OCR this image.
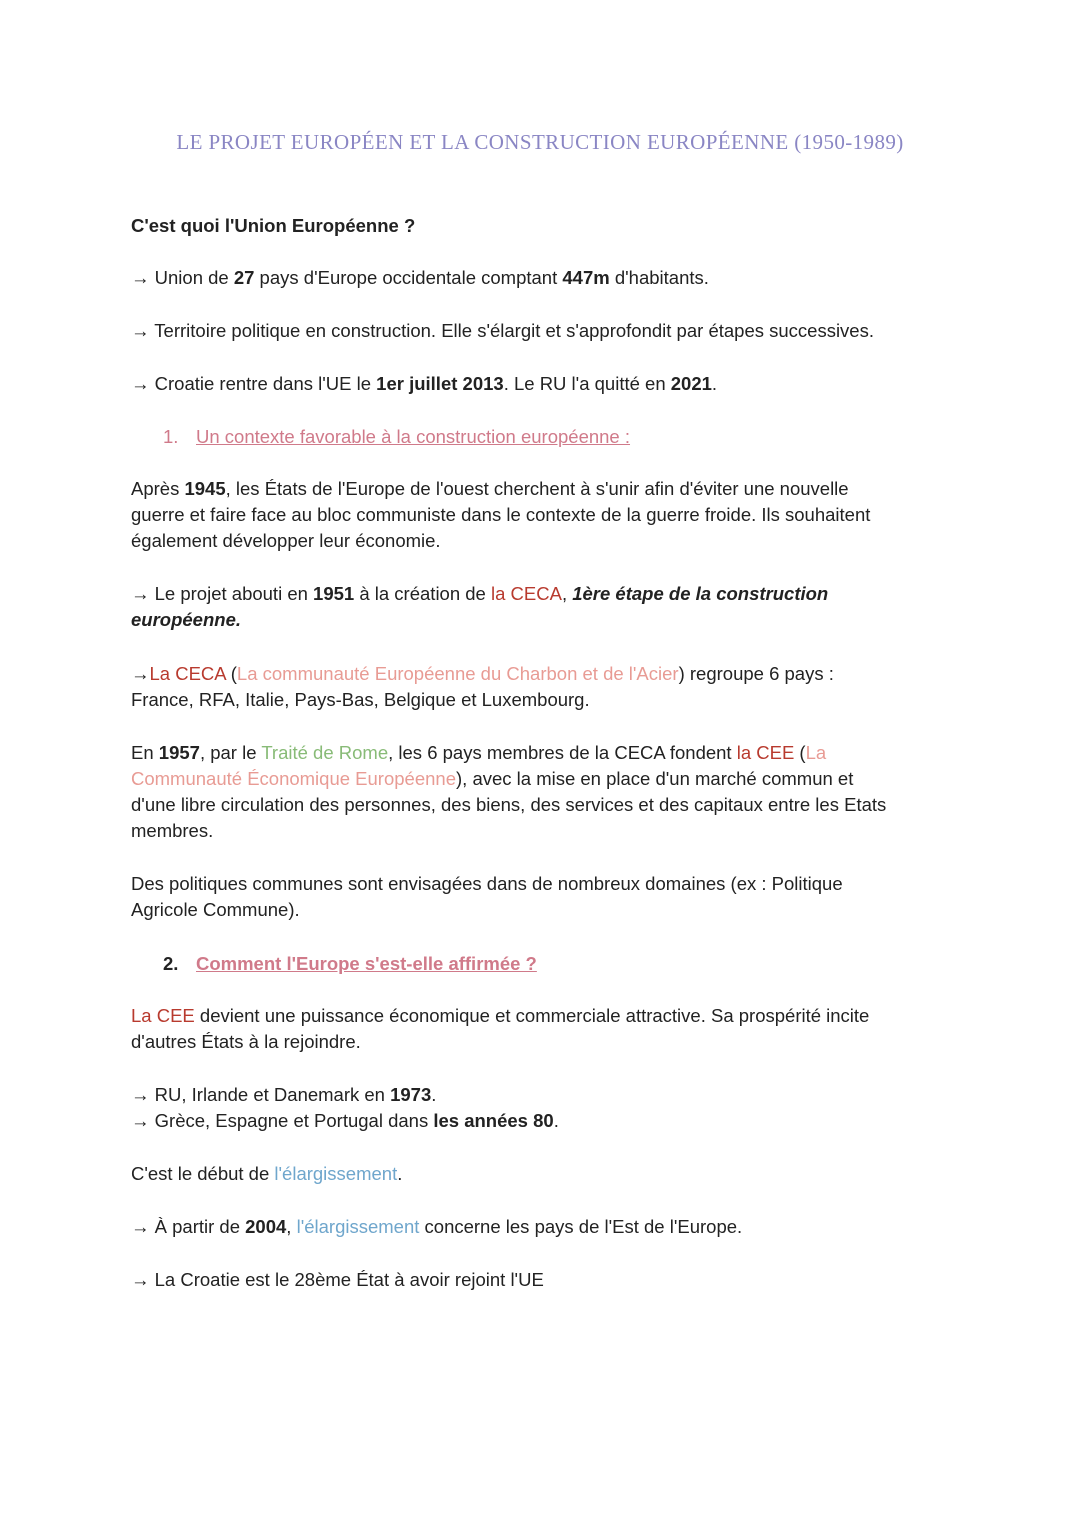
LE PROJET EUROPÉEN ET LA CONSTRUCTION EUROPÉENNE (1950-1989)
C'est quoi l'Union Européenne ?
→ Union de 27 pays d'Europe occidentale comptant 447m d'habitants.
→ Territoire politique en construction. Elle s'élargit et s'approfondit par étapes successives.
→ Croatie rentre dans l'UE le 1er juillet 2013. Le RU l'a quitté en 2021.
1. Un contexte favorable à la construction européenne :
Après 1945, les États de l'Europe de l'ouest cherchent à s'unir afin d'éviter une nouvelle
guerre et faire face au bloc communiste dans le contexte de la guerre froide. Ils souhaitent
également développer leur économie.
→ Le projet abouti en 1951 à la création de la CECA, 1ère étape de la construction
européenne.
→La CECA (La communauté Européenne du Charbon et de l'Acier) regroupe 6 pays :
France, RFA, Italie, Pays-Bas, Belgique et Luxembourg.
En 1957, par le Traité de Rome, les 6 pays membres de la CECA fondent la CEE (La
Communauté Économique Européenne), avec la mise en place d'un marché commun et
d'une libre circulation des personnes, des biens, des services et des capitaux entre les Etats
membres.
Des politiques communes sont envisagées dans de nombreux domaines (ex : Politique
Agricole Commune).
2. Comment l'Europe s'est-elle affirmée ?
La CEE devient une puissance économique et commerciale attractive. Sa prospérité incite
d'autres États à la rejoindre.
→ RU, Irlande et Danemark en 1973.
→ Grèce, Espagne et Portugal dans les années 80.
C'est le début de l'élargissement.
→ À partir de 2004, l'élargissement concerne les pays de l'Est de l'Europe.
→ La Croatie est le 28ème État à avoir rejoint l'UE
